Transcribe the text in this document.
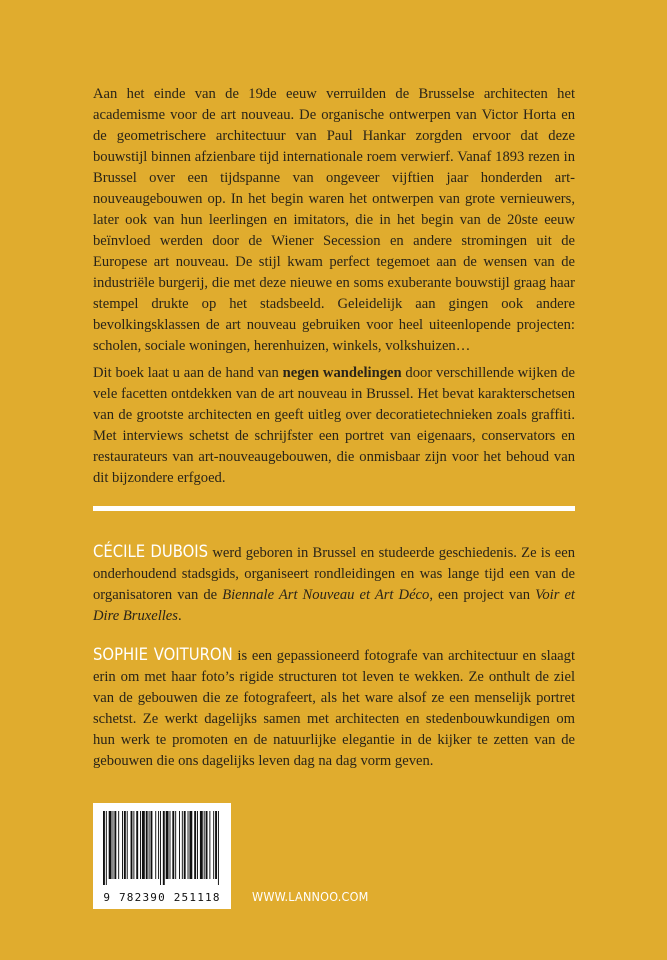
Aan het einde van de 19de eeuw verruilden de Brusselse architecten het academisme voor de art nouveau. De organische ontwerpen van Victor Horta en de geometrischere architectuur van Paul Hankar zorgden ervoor dat deze bouwstijl binnen afzienbare tijd internationale roem verwierf. Vanaf 1893 rezen in Brussel over een tijdspanne van ongeveer vijftien jaar honderden art-nouveaugebouwen op. In het begin waren het ontwerpen van grote vernieuwers, later ook van hun leerlingen en imitators, die in het begin van de 20ste eeuw beïnvloed werden door de Wiener Secession en andere stromingen uit de Europese art nouveau. De stijl kwam perfect tegemoet aan de wensen van de industriële burgerij, die met deze nieuwe en soms exuberante bouwstijl graag haar stempel drukte op het stadsbeeld. Geleidelijk aan gingen ook andere bevolkingsklassen de art nouveau gebruiken voor heel uiteenlopende projecten: scholen, sociale woningen, herenhuizen, winkels, volkshuizen…

Dit boek laat u aan de hand van negen wandelingen door verschillende wijken de vele facetten ontdekken van de art nouveau in Brussel. Het bevat karakterschetsen van de grootste architecten en geeft uitleg over decoratietechnieken zoals graffiti. Met interviews schetst de schrijfster een portret van eigenaars, conservators en restaurateurs van art-nouveaugebouwen, die onmisbaar zijn voor het behoud van dit bijzondere erfgoed.

CÉCILE DUBOIS werd geboren in Brussel en studeerde geschiedenis. Ze is een onderhoudend stadsgids, organiseert rondleidingen en was lange tijd een van de organisatoren van de Biennale Art Nouveau et Art Déco, een project van Voir et Dire Bruxelles.

SOPHIE VOITURON is een gepassioneerd fotografe van architectuur en slaagt erin om met haar foto’s rigide structuren tot leven te wekken. Ze onthult de ziel van de gebouwen die ze fotografeert, als het ware alsof ze een menselijk portret schetst. Ze werkt dagelijks samen met architecten en stedenbouwkundigen om hun werk te promoten en de natuurlijke elegantie in de kijker te zetten van de gebouwen die ons dagelijks leven dag na dag vorm geven.

9 782390 251118	WWW.LANNOO.COM
